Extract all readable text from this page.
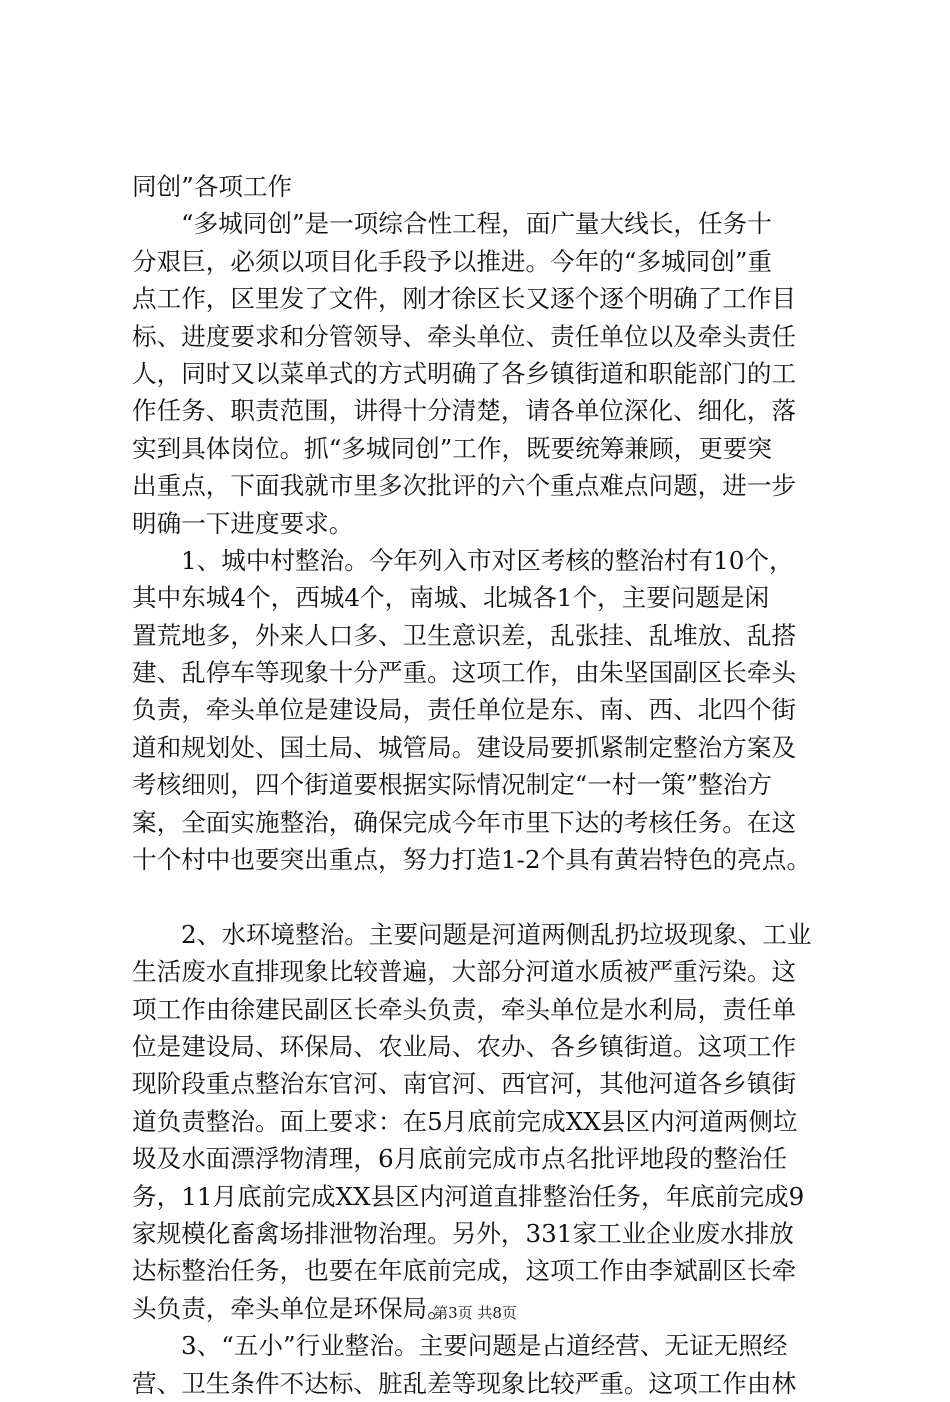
同创”各项工作
“多城同创”是一项综合性工程，面广量大线长，任务十
分艰巨，必须以项目化手段予以推进。今年的“多城同创”重
点工作，区里发了文件，刚才徐区长又逐个逐个明确了工作目
标、进度要求和分管领导、牵头单位、责任单位以及牵头责任
人，同时又以菜单式的方式明确了各乡镇街道和职能部门的工
作任务、职责范围，讲得十分清楚，请各单位深化、细化，落
实到具体岗位。抓“多城同创”工作，既要统筹兼顾，更要突
出重点，下面我就市里多次批评的六个重点难点问题，进一步
明确一下进度要求。
1、城中村整治。今年列入市对区考核的整治村有10个，
其中东城4个，西城4个，南城、北城各1个，主要问题是闲
置荒地多，外来人口多、卫生意识差，乱张挂、乱堆放、乱搭
建、乱停车等现象十分严重。这项工作，由朱坚国副区长牵头
负责，牵头单位是建设局，责任单位是东、南、西、北四个街
道和规划处、国土局、城管局。建设局要抓紧制定整治方案及
考核细则，四个街道要根据实际情况制定“一村一策”整治方
案，全面实施整治，确保完成今年市里下达的考核任务。在这
十个村中也要突出重点，努力打造1-2个具有黄岩特色的亮点。
2、水环境整治。主要问题是河道两侧乱扔垃圾现象、工业
生活废水直排现象比较普遍，大部分河道水质被严重污染。这
项工作由徐建民副区长牵头负责，牵头单位是水利局，责任单
位是建设局、环保局、农业局、农办、各乡镇街道。这项工作
现阶段重点整治东官河、南官河、西官河，其他河道各乡镇街
道负责整治。面上要求：在5月底前完成XX县区内河道两侧垃
圾及水面漂浮物清理，6月底前完成市点名批评地段的整治任
务，11月底前完成XX县区内河道直排整治任务，年底前完成9
家规模化畜禽场排泄物治理。另外，331家工业企业废水排放
达标整治任务，也要在年底前完成，这项工作由李斌副区长牵
头负责，牵头单位是环保局。
3、“五小”行业整治。主要问题是占道经营、无证无照经
营、卫生条件不达标、脏乱差等现象比较严重。这项工作由林
第3页 共8页
